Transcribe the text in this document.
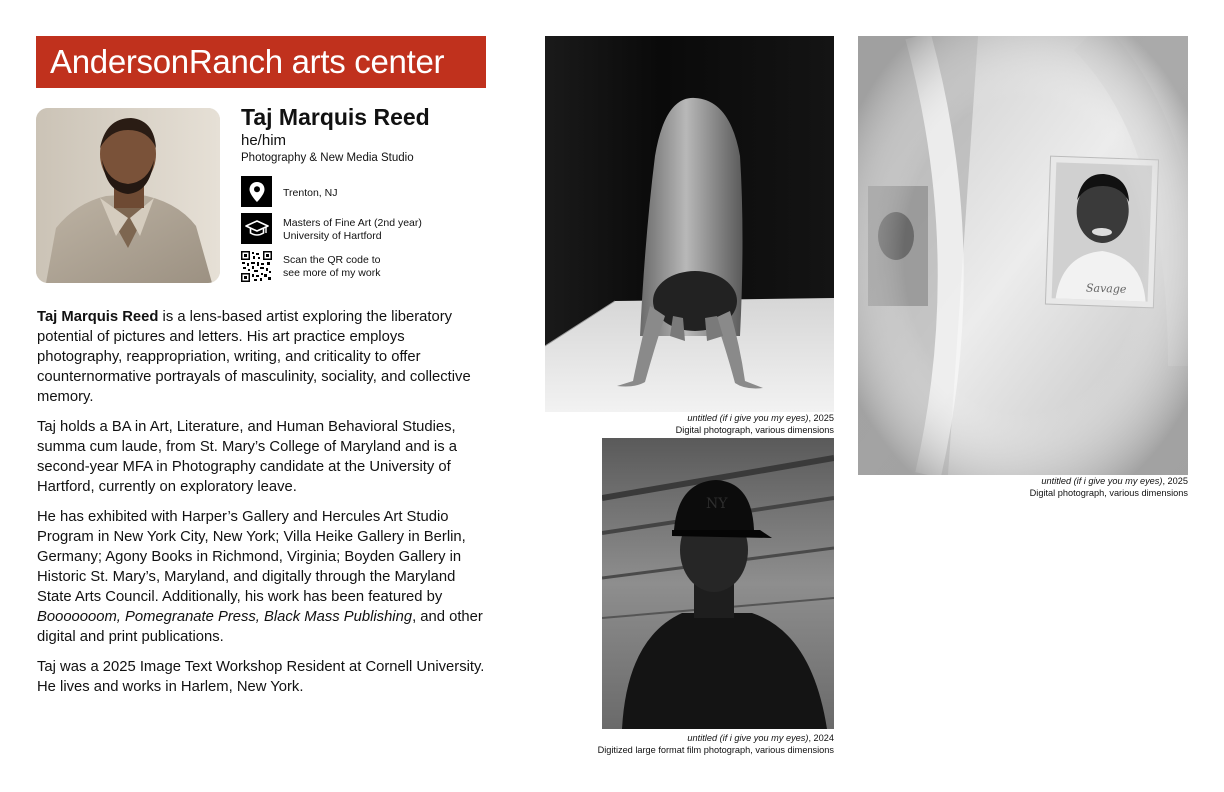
AndersonRanch arts center
Taj Marquis Reed
he/him
Photography & New Media Studio
Trenton, NJ
Masters of Fine Art (2nd year)
University of Hartford
Scan the QR code to
see more of my work

Taj Marquis Reed is a lens-based artist exploring the liberatory potential of pictures and letters. His art practice employs photography, reappropriation, writing, and criticality to offer counternormative portrayals of masculinity, sociality, and collective memory.

Taj holds a BA in Art, Literature, and Human Behavioral Studies, summa cum laude, from St. Mary’s College of Maryland and is a second-year MFA in Photography candidate at the University of Hartford, currently on exploratory leave.

He has exhibited with Harper’s Gallery and Hercules Art Studio Program in New York City, New York; Villa Heike Gallery in Berlin, Germany; Agony Books in Richmond, Virginia; Boyden Gallery in Historic St. Mary’s, Maryland, and digitally through the Maryland State Arts Council. Additionally, his work has been featured by Booooooom, Pomegranate Press, Black Mass Publishing, and other digital and print publications.

Taj was a 2025 Image Text Workshop Resident at Cornell University. He lives and works in Harlem, New York.

untitled (if i give you my eyes), 2025
Digital photograph, various dimensions
NY
untitled (if i give you my eyes), 2024
Digitized large format film photograph, various dimensions
untitled (if i give you my eyes), 2025
Digital photograph, various dimensions
